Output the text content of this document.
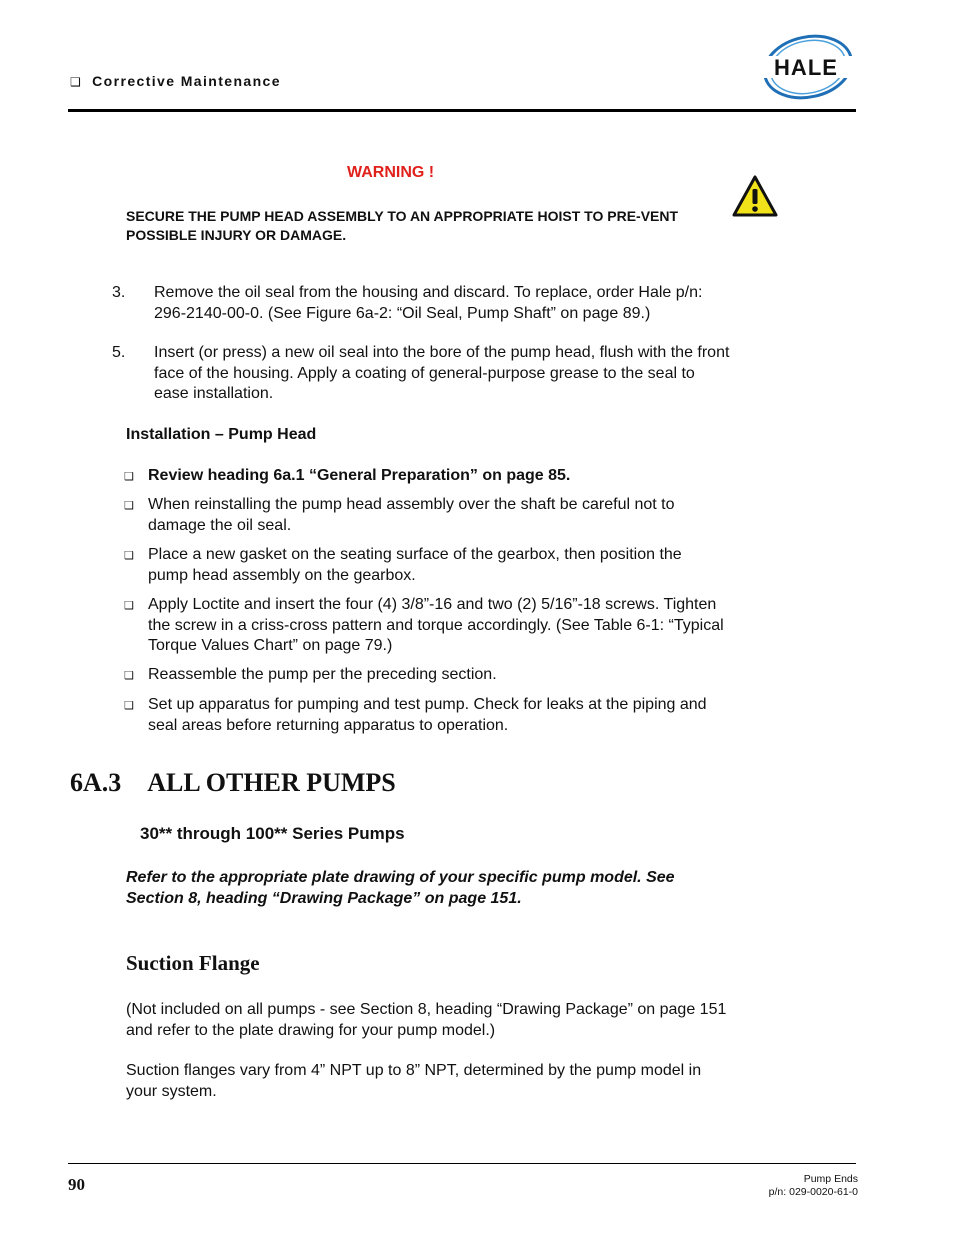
❑ Corrective Maintenance
HALE
WARNING !
SECURE THE PUMP HEAD ASSEMBLY TO AN APPROPRIATE HOIST TO PRE-VENT POSSIBLE INJURY OR DAMAGE.
3. Remove the oil seal from the housing and discard. To replace, order Hale p/n: 296-2140-00-0. (See Figure 6a-2: “Oil Seal, Pump Shaft” on page 89.)
5. Insert (or press) a new oil seal into the bore of the pump head, flush with the front face of the housing. Apply a coating of general-purpose grease to the seal to ease installation.
Installation – Pump Head
❑ Review heading 6a.1 “General Preparation” on page 85.
❑ When reinstalling the pump head assembly over the shaft be careful not to damage the oil seal.
❑ Place a new gasket on the seating surface of the gearbox, then position the pump head assembly on the gearbox.
❑ Apply Loctite and insert the four (4) 3/8”-16 and two (2) 5/16”-18 screws. Tighten the screw in a criss-cross pattern and torque accordingly. (See Table 6-1: “Typical Torque Values Chart” on page 79.)
❑ Reassemble the pump per the preceding section.
❑ Set up apparatus for pumping and test pump. Check for leaks at the piping and seal areas before returning apparatus to operation.
6A.3 ALL OTHER PUMPS
30** through 100** Series Pumps
Refer to the appropriate plate drawing of your specific pump model. See Section 8, heading “Drawing Package” on page 151.
Suction Flange
(Not included on all pumps - see Section 8, heading “Drawing Package” on page 151 and refer to the plate drawing for your pump model.)
Suction flanges vary from 4” NPT up to 8” NPT, determined by the pump model in your system.
90	Pump Ends
p/n: 029-0020-61-0
